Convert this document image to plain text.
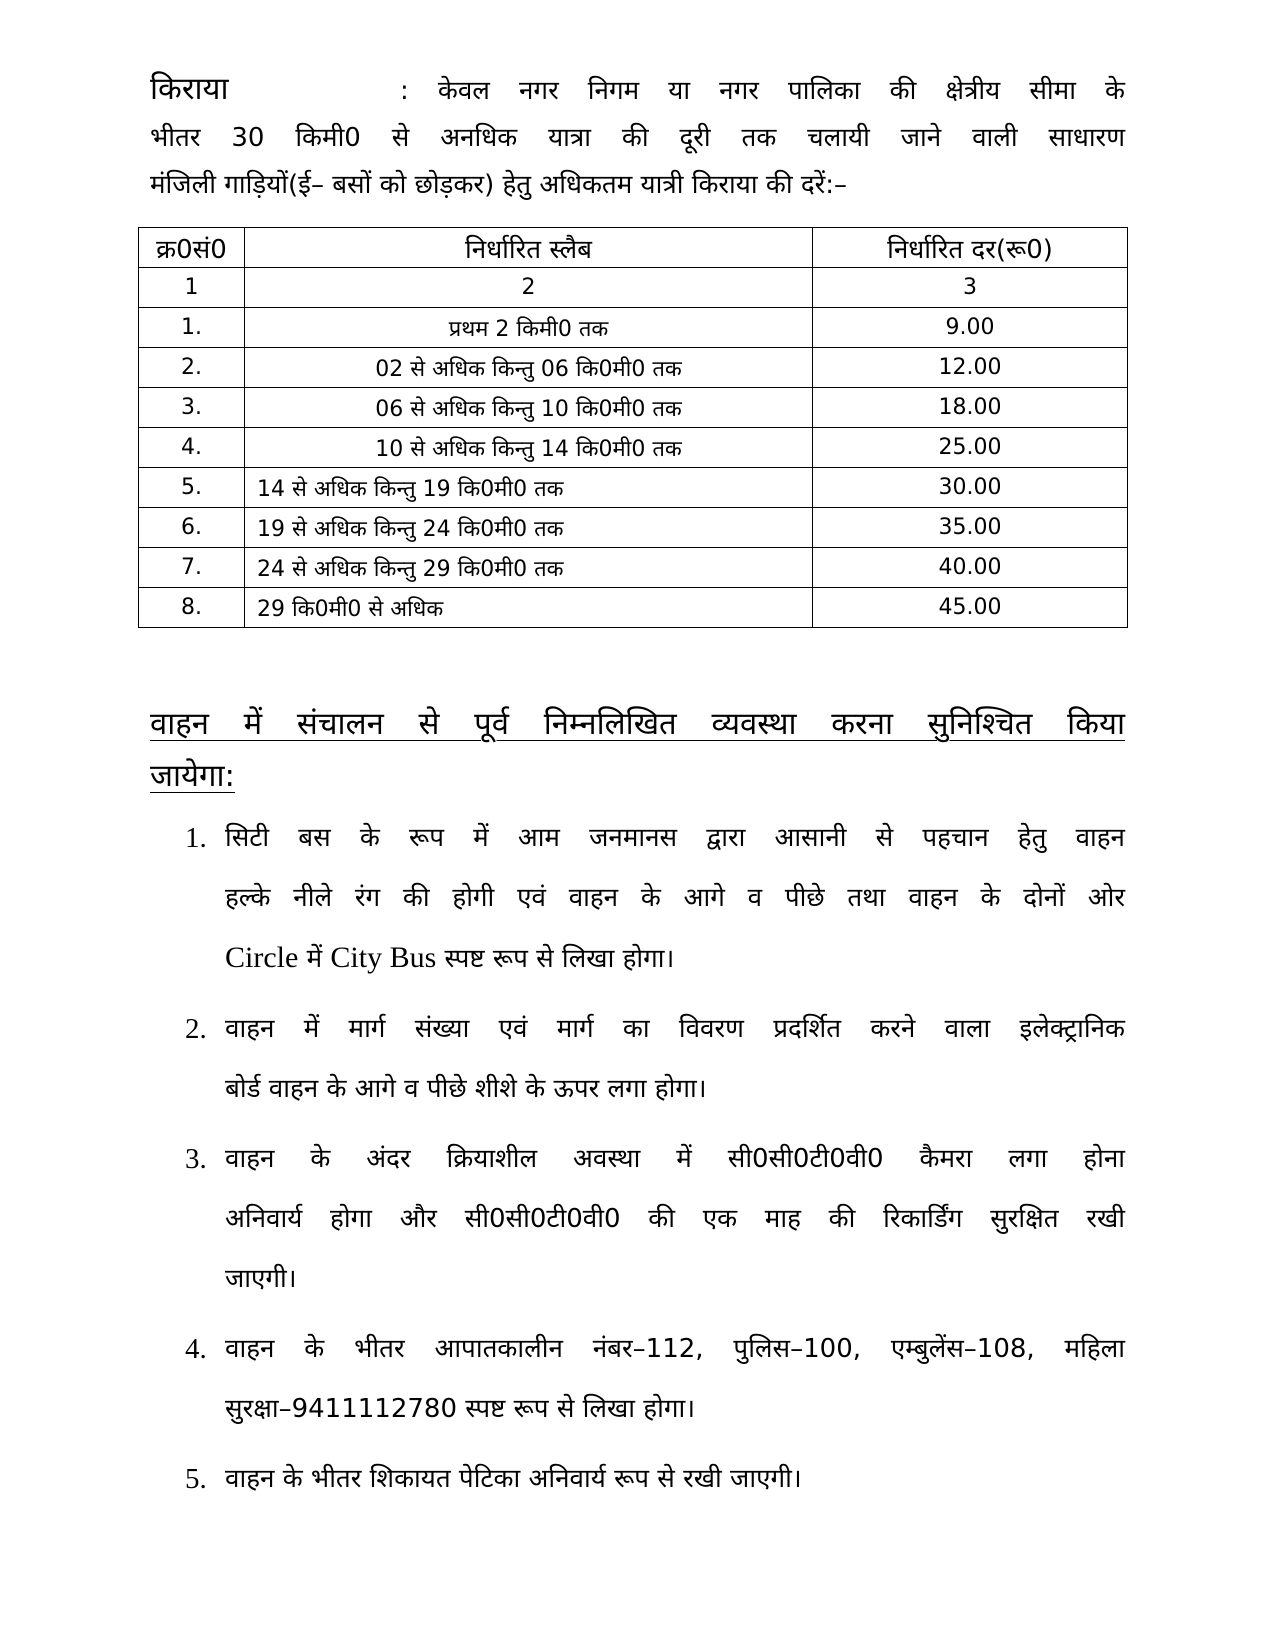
किराया	: केवल नगर निगम या नगर पालिका की क्षेत्रीय सीमा के
भीतर 30 किमी0 से अनधिक यात्रा की दूरी तक चलायी जाने वाली साधारण
मंजिली गाड़ियों(ई– बसों को छोड़कर) हेतु अधिकतम यात्री किराया की दरें:–
क्र0सं0	निर्धारित स्लैब	निर्धारित दर(रू0)
1	2	3
1.	प्रथम 2 किमी0 तक	9.00
2.	02 से अधिक किन्तु 06 कि0मी0 तक	12.00
3.	06 से अधिक किन्तु 10 कि0मी0 तक	18.00
4.	10 से अधिक किन्तु 14 कि0मी0 तक	25.00
5.	14 से अधिक किन्तु 19 कि0मी0 तक	30.00
6.	19 से अधिक किन्तु 24 कि0मी0 तक	35.00
7.	24 से अधिक किन्तु 29 कि0मी0 तक	40.00
8.	29 कि0मी0 से अधिक	45.00
वाहन में संचालन से पूर्व निम्नलिखित व्यवस्था करना सुनिश्चित किया
जायेगा:
1. सिटी बस के रूप में आम जनमानस द्वारा आसानी से पहचान हेतु वाहन
हल्के नीले रंग की होगी एवं वाहन के आगे व पीछे तथा वाहन के दोनों ओर
Circle में City Bus स्पष्ट रूप से लिखा होगा।
2. वाहन में मार्ग संख्या एवं मार्ग का विवरण प्रदर्शित करने वाला इलेक्ट्रानिक
बोर्ड वाहन के आगे व पीछे शीशे के ऊपर लगा होगा।
3. वाहन के अंदर क्रियाशील अवस्था में सी0सी0टी0वी0 कैमरा लगा होना
अनिवार्य होगा और सी0सी0टी0वी0 की एक माह की रिकार्डिंग सुरक्षित रखी
जाएगी।
4. वाहन के भीतर आपातकालीन नंबर–112, पुलिस–100, एम्बुलेंस–108, महिला
सुरक्षा–9411112780 स्पष्ट रूप से लिखा होगा।
5. वाहन के भीतर शिकायत पेटिका अनिवार्य रूप से रखी जाएगी।
